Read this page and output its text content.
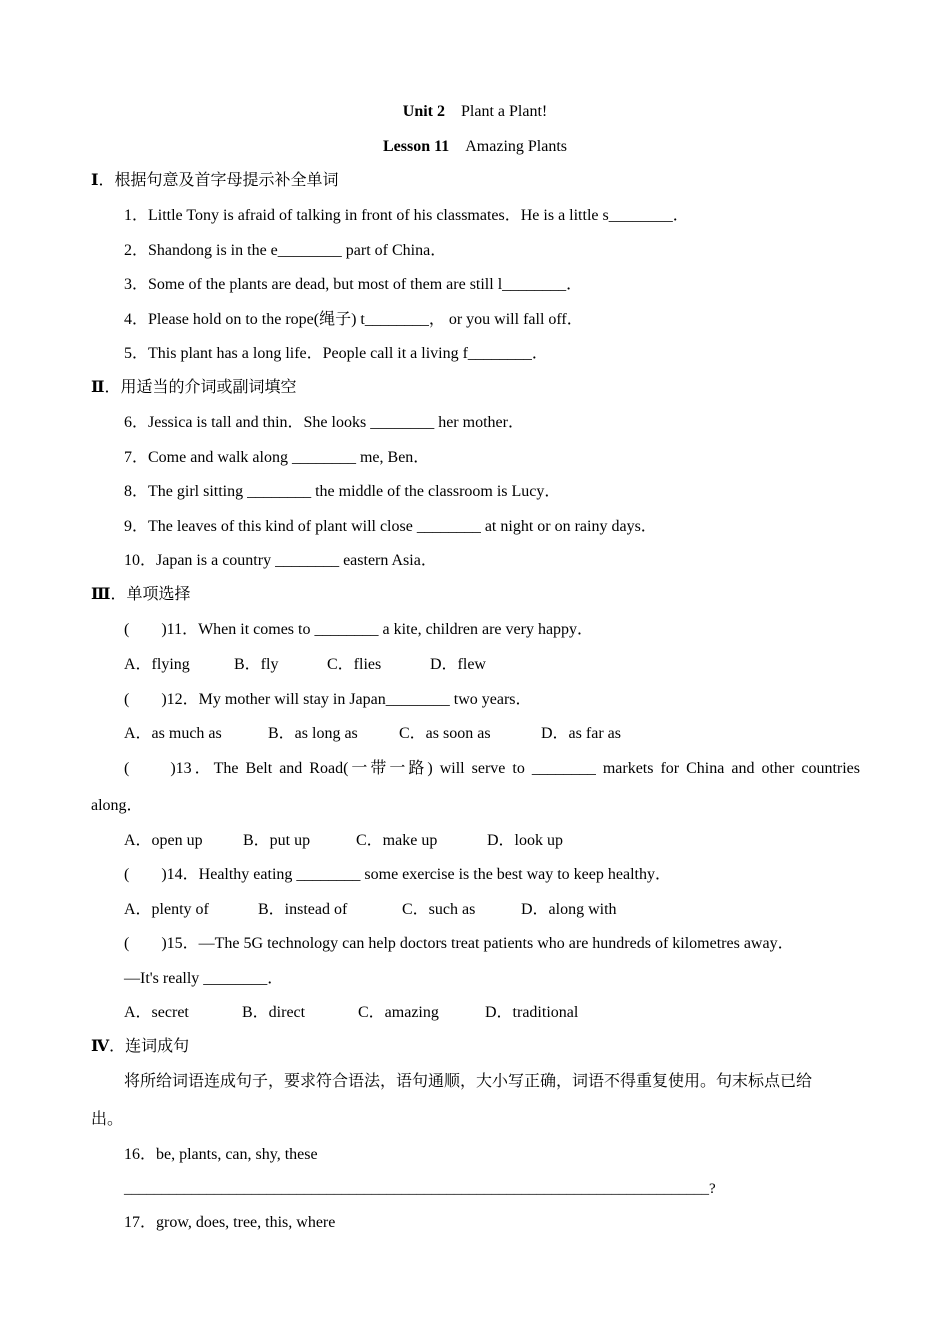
Unit 2　 Plant a Plant!
Lesson 11　 Amazing Plants
Ⅰ．根据句意及首字母提示补全单词
1．Little Tony is afraid of talking in front of his classmates．He is a little s________．
2．Shandong is in the e________ part of China．
3．Some of the plants are dead, but most of them are still l________．
4．Please hold on to the rope(绳子) t________， or you will fall off．
5．This plant has a long life．People call it a living f________．
Ⅱ．用适当的介词或副词填空
6．Jessica is tall and thin．She looks ________ her mother．
7．Come and walk along ________ me, Ben．
8．The girl sitting ________ the middle of the classroom is Lucy．
9．The leaves of this kind of plant will close ________ at night or on rainy days．
10．Japan is a country ________ eastern Asia．
Ⅲ．单项选择
(　　)11．When it comes to ________ a kite, children are very happy．
A．flying	B．fly	C．flies	D．flew
(　　)12．My mother will stay in Japan________ two years．
A．as much as	B．as long as	C．as soon as	D．as far as
(　　)13．The Belt and Road(一带一路) will serve to ________ markets for China and other countries
along．
A．open up	B．put up	C．make up	D．look up
(　　)14．Healthy eating ________ some exercise is the best way to keep healthy．
A．plenty of	B．instead of	C．such as	D．along with
(　　)15．—The 5G technology can help doctors treat patients who are hundreds of kilometres away．
—It's really ________．
A．secret	B．direct	C．amazing	D．traditional
Ⅳ．连词成句
将所给词语连成句子，要求符合语法，语句通顺，大小写正确，词语不得重复使用。句末标点已给
出。
16．be, plants, can, shy, these
______________________________________________________________________________?
17．grow, does, tree, this, where
